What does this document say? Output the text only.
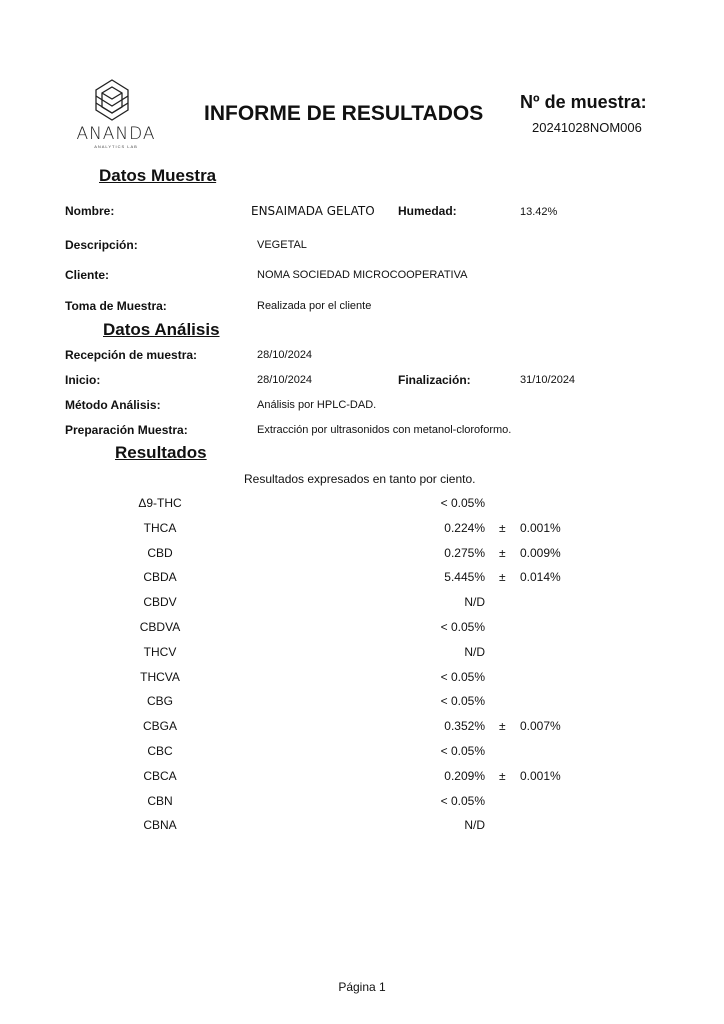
ANANDA
ANALYTICS LAB
INFORME DE RESULTADOS Nº de muestra:
20241028NOM006
Datos Muestra
Nombre:	ENSAIMADA GELATO Humedad:	13.42%
Descripción:	VEGETAL
Cliente:	NOMA SOCIEDAD MICROCOOPERATIVA
Toma de Muestra:	Realizada por el cliente
Datos Análisis
Recepción de muestra:	28/10/2024
Inicio:	28/10/2024	Finalización:	31/10/2024
Método Análisis:	Análisis por HPLC-DAD.
Preparación Muestra:	Extracción por ultrasonidos con metanol-cloroformo.
Resultados
Resultados expresados en tanto por ciento.
Δ9-THC	< 0.05%
THCA	0.224% ± 0.001%
CBD	0.275% ± 0.009%
CBDA	5.445% ± 0.014%
CBDV	N/D
CBDVA	< 0.05%
THCV	N/D
THCVA	< 0.05%
CBG	< 0.05%
CBGA	0.352% ± 0.007%
CBC	< 0.05%
CBCA	0.209% ± 0.001%
CBN	< 0.05%
CBNA	N/D
Página 1
